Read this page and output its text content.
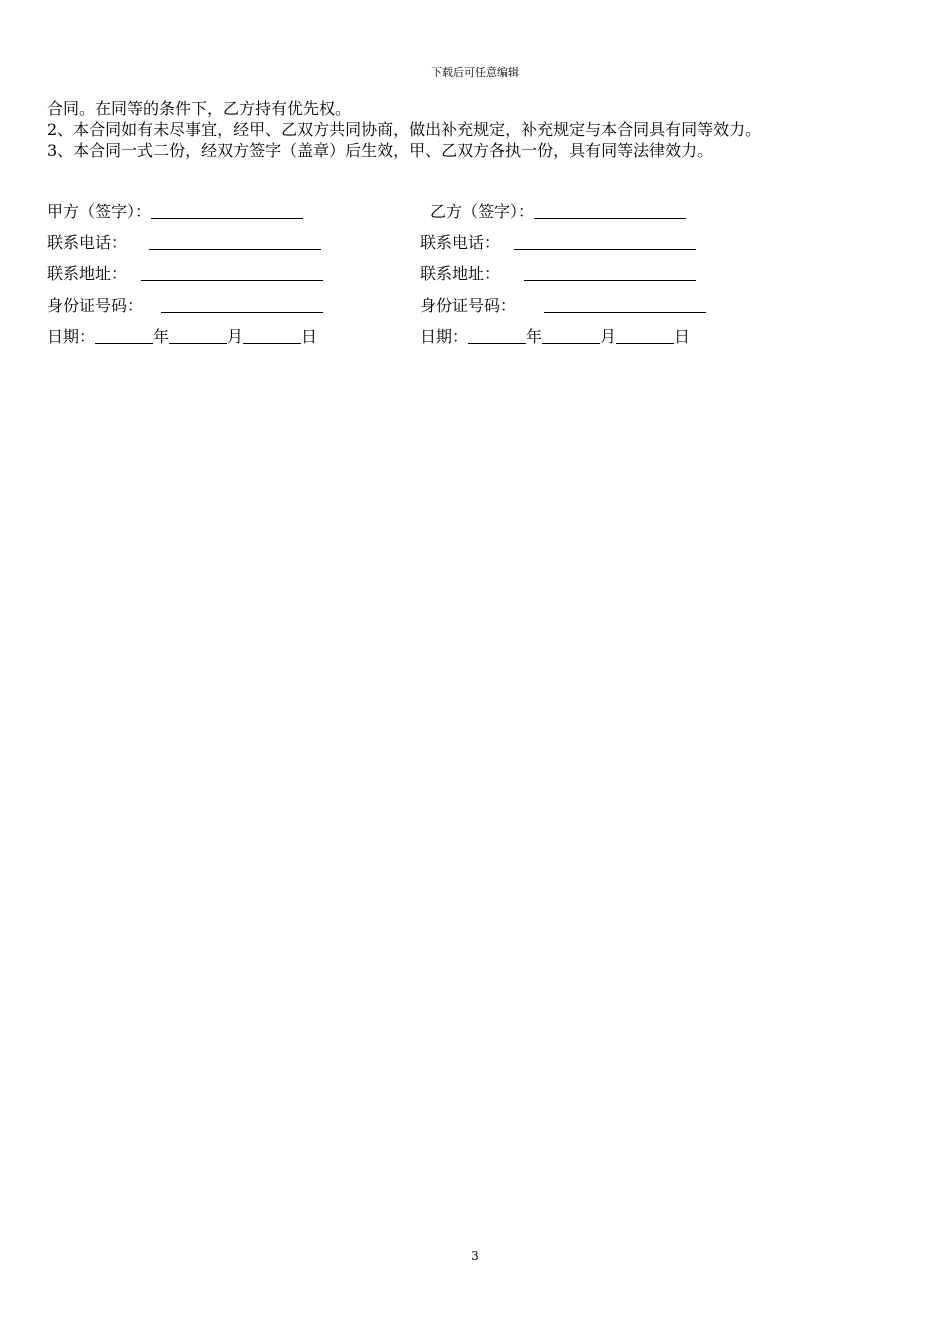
下载后可任意编辑
合同。在同等的条件下，乙方持有优先权。
2、本合同如有未尽事宜，经甲、乙双方共同协商，做出补充规定，补充规定与本合同具有同等效力。
3、本合同一式二份，经双方签字（盖章）后生效，甲、乙双方各执一份，具有同等法律效力。
甲方（签字）：
联系电话：
联系地址：
身份证号码：
日期：	年	月	日
乙方（签字）：
联系电话：
联系地址：
身份证号码：
日期：	年	月	日
3
